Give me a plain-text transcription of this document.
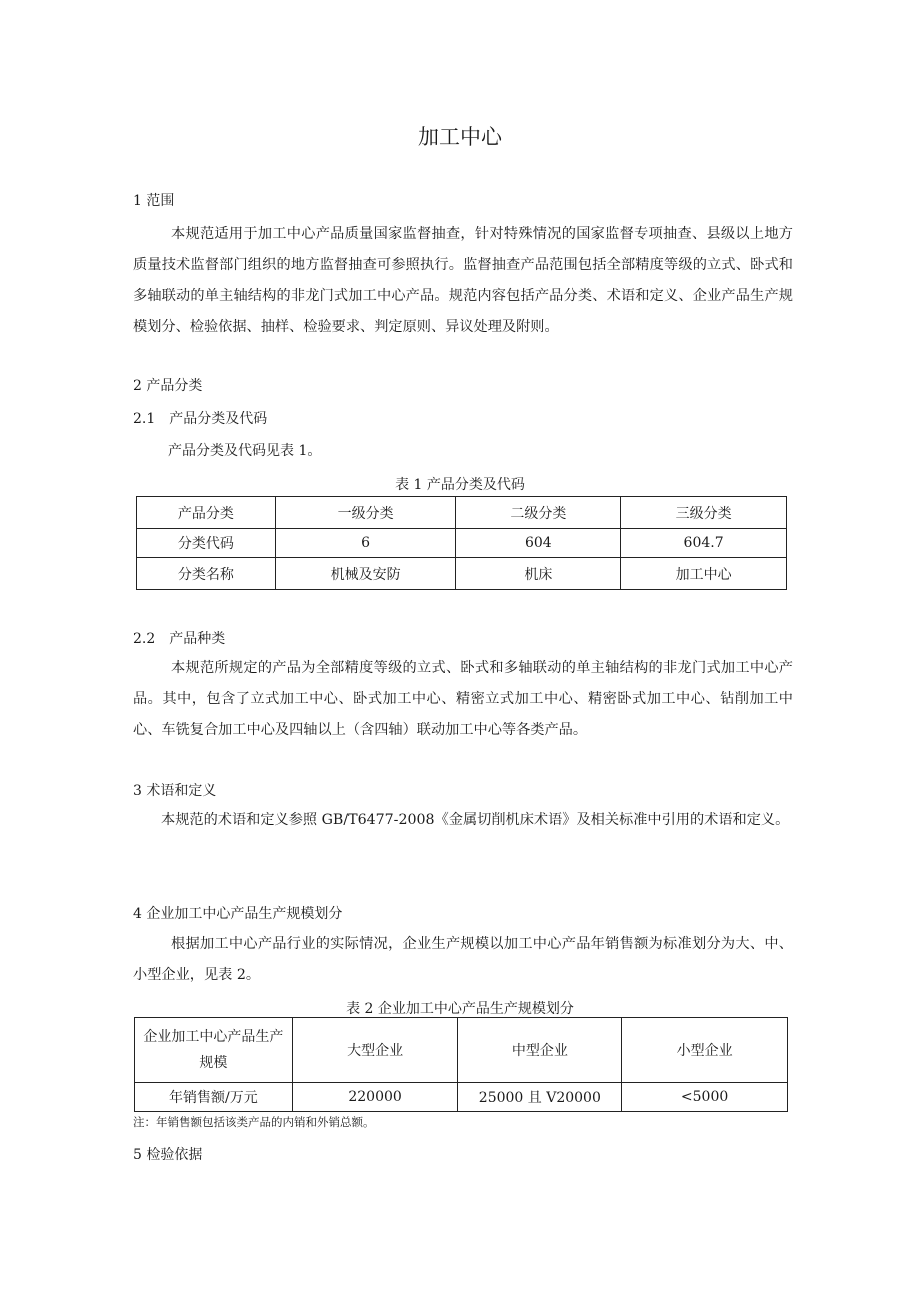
加工中心
1 范围
本规范适用于加工中心产品质量国家监督抽查，针对特殊情况的国家监督专项抽查、县级以上地方质量技术监督部门组织的地方监督抽查可参照执行。监督抽查产品范围包括全部精度等级的立式、卧式和多轴联动的单主轴结构的非龙门式加工中心产品。规范内容包括产品分类、术语和定义、企业产品生产规模划分、检验依据、抽样、检验要求、判定原则、异议处理及附则。
2 产品分类
2.1　产品分类及代码
产品分类及代码见表 1。
表 1 产品分类及代码
产品分类	一级分类	二级分类	三级分类
分类代码	6	604	604.7
分类名称	机械及安防	机床	加工中心
2.2　产品种类
本规范所规定的产品为全部精度等级的立式、卧式和多轴联动的单主轴结构的非龙门式加工中心产品。其中，包含了立式加工中心、卧式加工中心、精密立式加工中心、精密卧式加工中心、钻削加工中心、车铣复合加工中心及四轴以上（含四轴）联动加工中心等各类产品。
3 术语和定义
本规范的术语和定义参照 GB/T6477-2008《金属切削机床术语》及相关标准中引用的术语和定义。
4 企业加工中心产品生产规模划分
根据加工中心产品行业的实际情况，企业生产规模以加工中心产品年销售额为标准划分为大、中、小型企业，见表 2。
表 2 企业加工中心产品生产规模划分
企业加工中心产品生产规模	大型企业	中型企业	小型企业
年销售额/万元	220000	25000 且 V20000	<5000
注：年销售额包括该类产品的内销和外销总额。
5 检验依据
